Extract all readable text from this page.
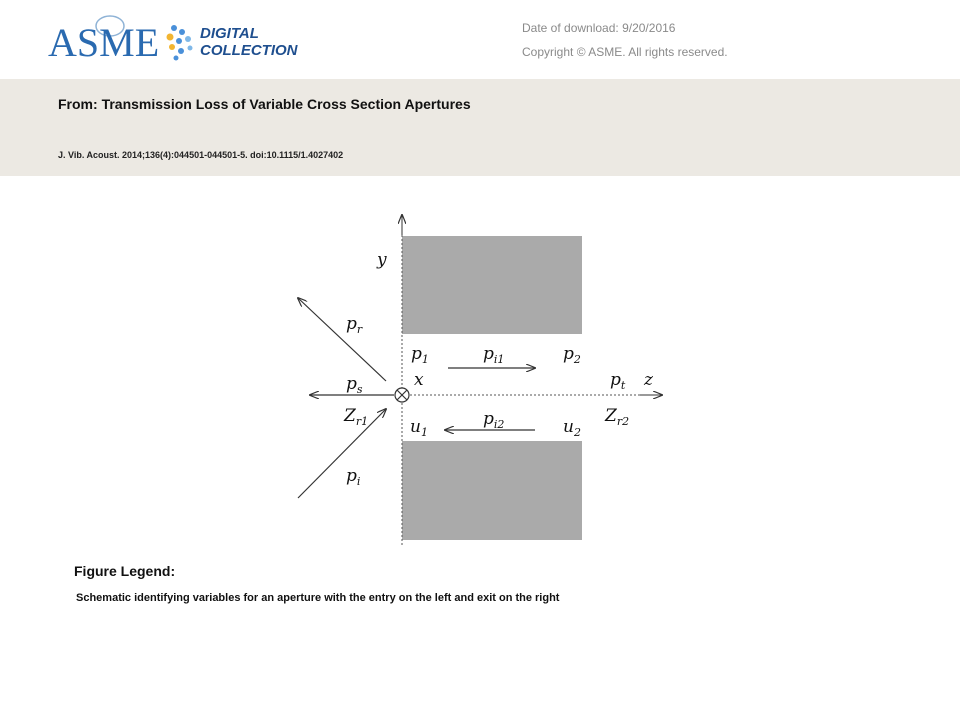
ASME	DIGITAL
COLLECTION
Date of download: 9/20/2016
Copyright © ASME. All rights reserved.
From: Transmission Loss of Variable Cross Section Apertures
J. Vib. Acoust. 2014;136(4):044501-044501-5. doi:10.1115/1.4027402
y
z
x
$p_r$
$p_s$
$Z_{r1}$
$p_i$
$p_1$	$p_{i1}$	$p_2$
$p_t$
$u_1$
$p_{i2}$	$u_2$
$Z_{r2}$
Figure Legend:
Schematic identifying variables for an aperture with the entry on the left and exit on the right
